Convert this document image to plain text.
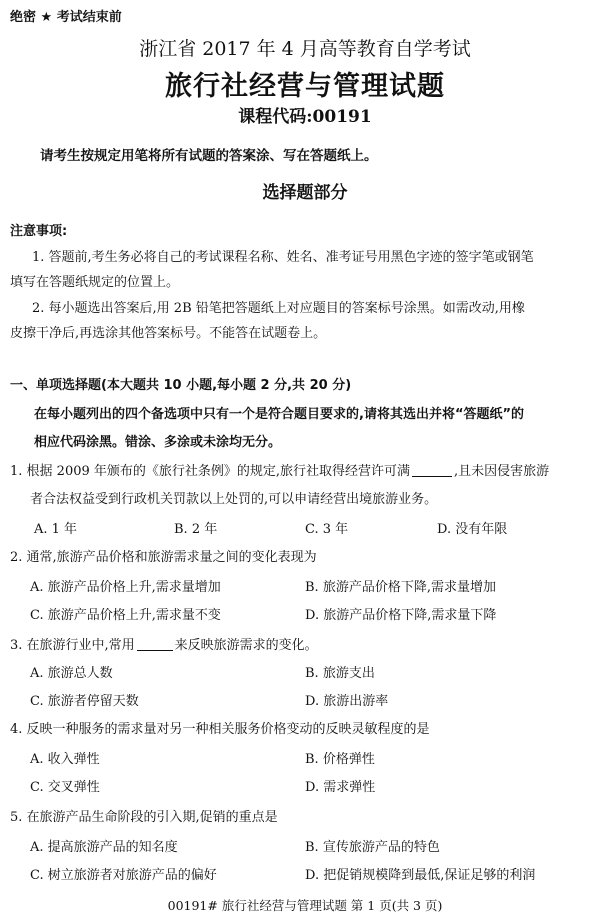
绝密 ★ 考试结束前
浙江省 2017 年 4 月高等教育自学考试
旅行社经营与管理试题
课程代码:00191
请考生按规定用笔将所有试题的答案涂、写在答题纸上。
选择题部分
注意事项:
1. 答题前,考生务必将自己的考试课程名称、姓名、准考证号用黑色字迹的签字笔或钢笔
填写在答题纸规定的位置上。
2. 每小题选出答案后,用 2B 铅笔把答题纸上对应题目的答案标号涂黑。如需改动,用橡
皮擦干净后,再选涂其他答案标号。不能答在试题卷上。
一、单项选择题(本大题共 10 小题,每小题 2 分,共 20 分)
在每小题列出的四个备选项中只有一个是符合题目要求的,请将其选出并将“答题纸”的
相应代码涂黑。错涂、多涂或未涂均无分。
1. 根据 2009 年颁布的《旅行社条例》的规定,旅行社取得经营许可满	,且未因侵害旅游
者合法权益受到行政机关罚款以上处罚的,可以申请经营出境旅游业务。
A. 1 年	B. 2 年	C. 3 年	D. 没有年限
2. 通常,旅游产品价格和旅游需求量之间的变化表现为
A. 旅游产品价格上升,需求量增加	B. 旅游产品价格下降,需求量增加
C. 旅游产品价格上升,需求量不变	D. 旅游产品价格下降,需求量下降
3. 在旅游行业中,常用	来反映旅游需求的变化。
A. 旅游总人数	B. 旅游支出
C. 旅游者停留天数	D. 旅游出游率
4. 反映一种服务的需求量对另一种相关服务价格变动的反映灵敏程度的是
A. 收入弹性	B. 价格弹性
C. 交叉弹性	D. 需求弹性
5. 在旅游产品生命阶段的引入期,促销的重点是
A. 提高旅游产品的知名度	B. 宣传旅游产品的特色
C. 树立旅游者对旅游产品的偏好	D. 把促销规模降到最低,保证足够的利润
00191# 旅行社经营与管理试题 第 1 页(共 3 页)
